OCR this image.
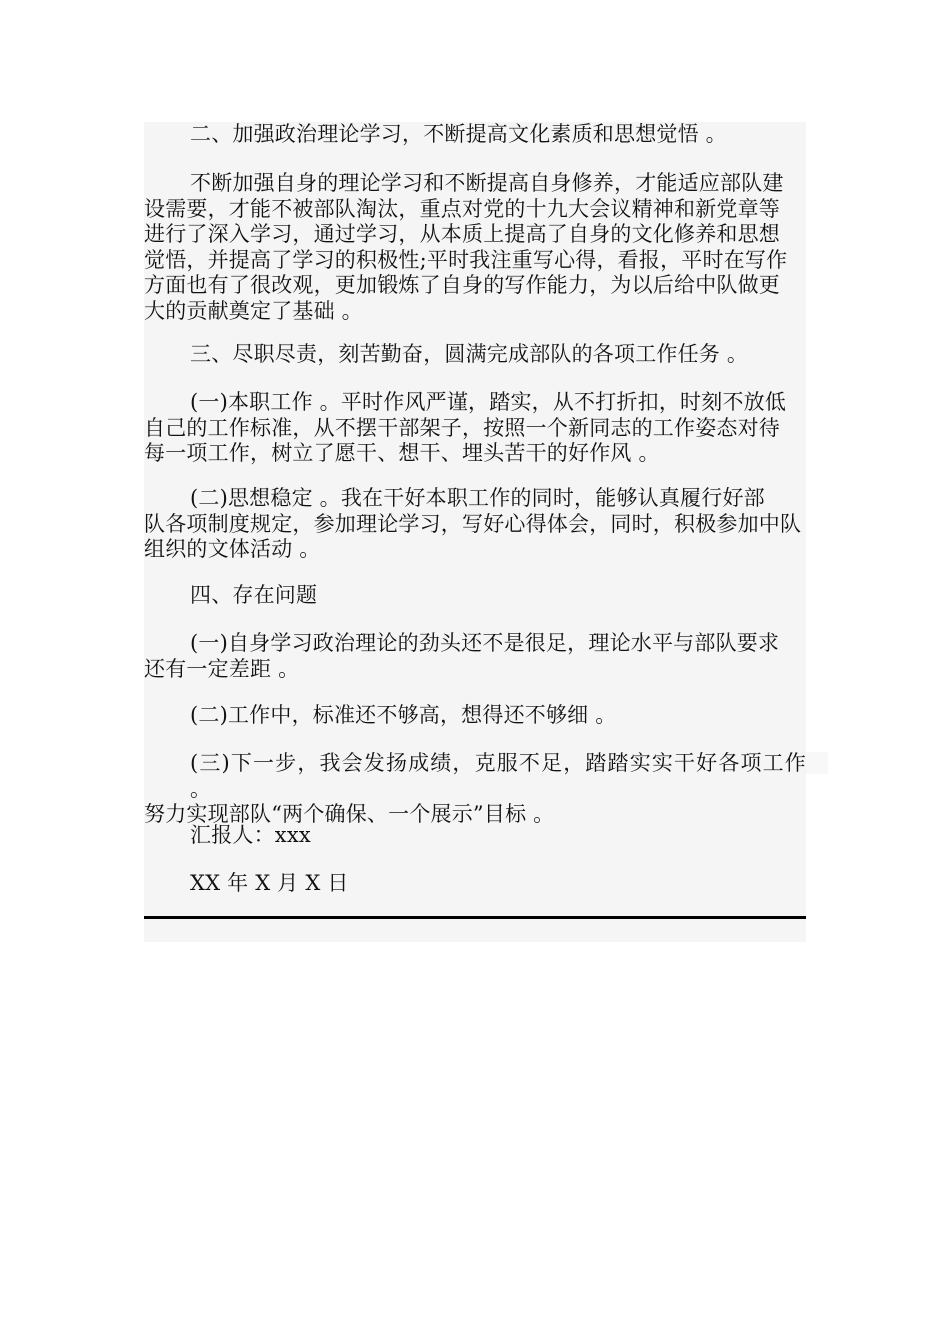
二、加强政治理论学习，不断提高文化素质和思想觉悟 。

不断加强自身的理论学习和不断提高自身修养，才能适应部队建
设需要，才能不被部队淘汰，重点对党的十九大会议精神和新党章等
进行了深入学习，通过学习，从本质上提高了自身的文化修养和思想
觉悟，并提高了学习的积极性;平时我注重写心得，看报，平时在写作
方面也有了很改观，更加锻炼了自身的写作能力，为以后给中队做更
大的贡献奠定了基础 。

三、尽职尽责，刻苦勤奋，圆满完成部队的各项工作任务 。

(一)本职工作 。平时作风严谨，踏实，从不打折扣，时刻不放低
自己的工作标准，从不摆干部架子，按照一个新同志的工作姿态对待
每一项工作，树立了愿干、想干、埋头苦干的好作风 。

(二)思想稳定 。我在干好本职工作的同时，能够认真履行好部
队各项制度规定，参加理论学习，写好心得体会，同时，积极参加中队
组织的文体活动 。

四、存在问题

(一)自身学习政治理论的劲头还不是很足，理论水平与部队要求
还有一定差距 。

(二)工作中，标准还不够高，想得还不够细 。

(三)下一步，我会发扬成绩，克服不足，踏踏实实干好各项工作 。
努力实现部队“两个确保、一个展示”目标 。

汇报人：xxx

XX 年 X 月 X 日
